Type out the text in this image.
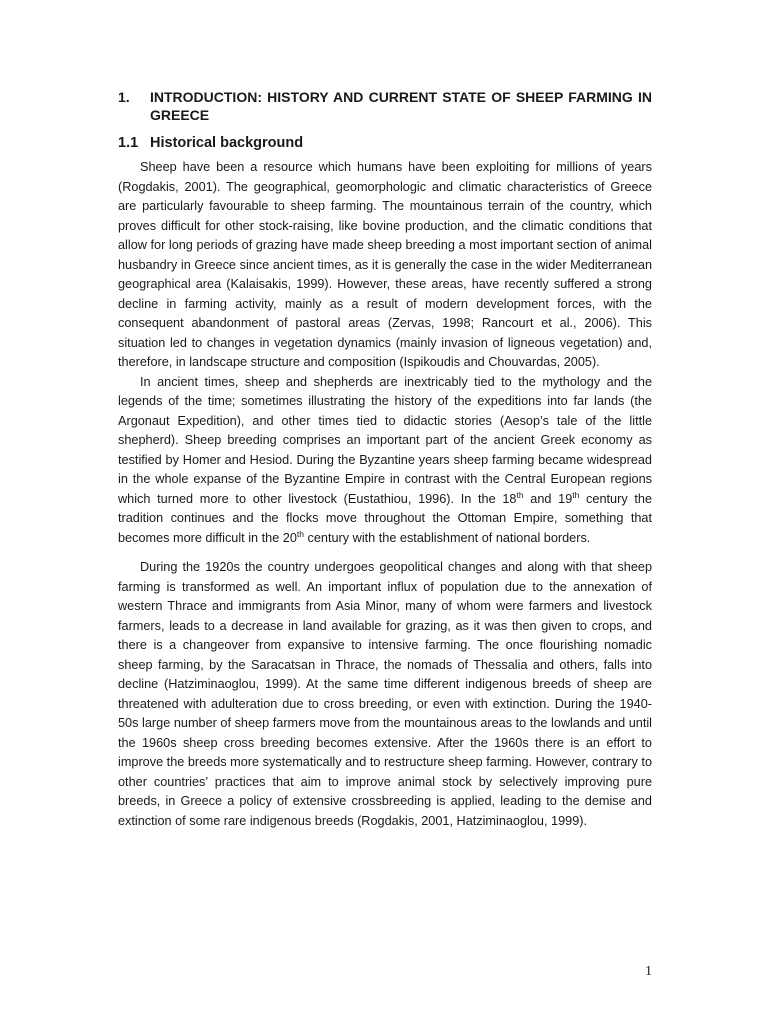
1.	INTRODUCTION: HISTORY AND CURRENT STATE OF SHEEP FARMING IN GREECE
1.1 Historical background

Sheep have been a resource which humans have been exploiting for millions of years (Rogdakis, 2001). The geographical, geomorphologic and climatic characteristics of Greece are particularly favourable to sheep farming. The mountainous terrain of the country, which proves difficult for other stock-raising, like bovine production, and the climatic conditions that allow for long periods of grazing have made sheep breeding a most important section of animal husbandry in Greece since ancient times, as it is generally the case in the wider Mediterranean geographical area (Kalaisakis, 1999). However, these areas, have recently suffered a strong decline in farming activity, mainly as a result of modern development forces, with the consequent abandonment of pastoral areas (Zervas, 1998; Rancourt et al., 2006). This situation led to changes in vegetation dynamics (mainly invasion of ligneous vegetation) and, therefore, in landscape structure and composition (Ispikoudis and Chouvardas, 2005).

In ancient times, sheep and shepherds are inextricably tied to the mythology and the legends of the time; sometimes illustrating the history of the expeditions into far lands (the Argonaut Expedition), and other times tied to didactic stories (Aesop’s tale of the little shepherd). Sheep breeding comprises an important part of the ancient Greek economy as testified by Homer and Hesiod. During the Byzantine years sheep farming became widespread in the whole expanse of the Byzantine Empire in contrast with the Central European regions which turned more to other livestock (Eustathiou, 1996). In the 18th and 19th century the tradition continues and the flocks move throughout the Ottoman Empire, something that becomes more difficult in the 20th century with the establishment of national borders.

During the 1920s the country undergoes geopolitical changes and along with that sheep farming is transformed as well. An important influx of population due to the annexation of western Thrace and immigrants from Asia Minor, many of whom were farmers and livestock farmers, leads to a decrease in land available for grazing, as it was then given to crops, and there is a changeover from expansive to intensive farming. The once flourishing nomadic sheep farming, by the Saracatsan in Thrace, the nomads of Thessalia and others, falls into decline (Hatziminaoglou, 1999). At the same time different indigenous breeds of sheep are threatened with adulteration due to cross breeding, or even with extinction. During the 1940-50s large number of sheep farmers move from the mountainous areas to the lowlands and until the 1960s sheep cross breeding becomes extensive. After the 1960s there is an effort to improve the breeds more systematically and to restructure sheep farming. However, contrary to other countries’ practices that aim to improve animal stock by selectively improving pure breeds, in Greece a policy of extensive crossbreeding is applied, leading to the demise and extinction of some rare indigenous breeds (Rogdakis, 2001, Hatziminaoglou, 1999).

1
